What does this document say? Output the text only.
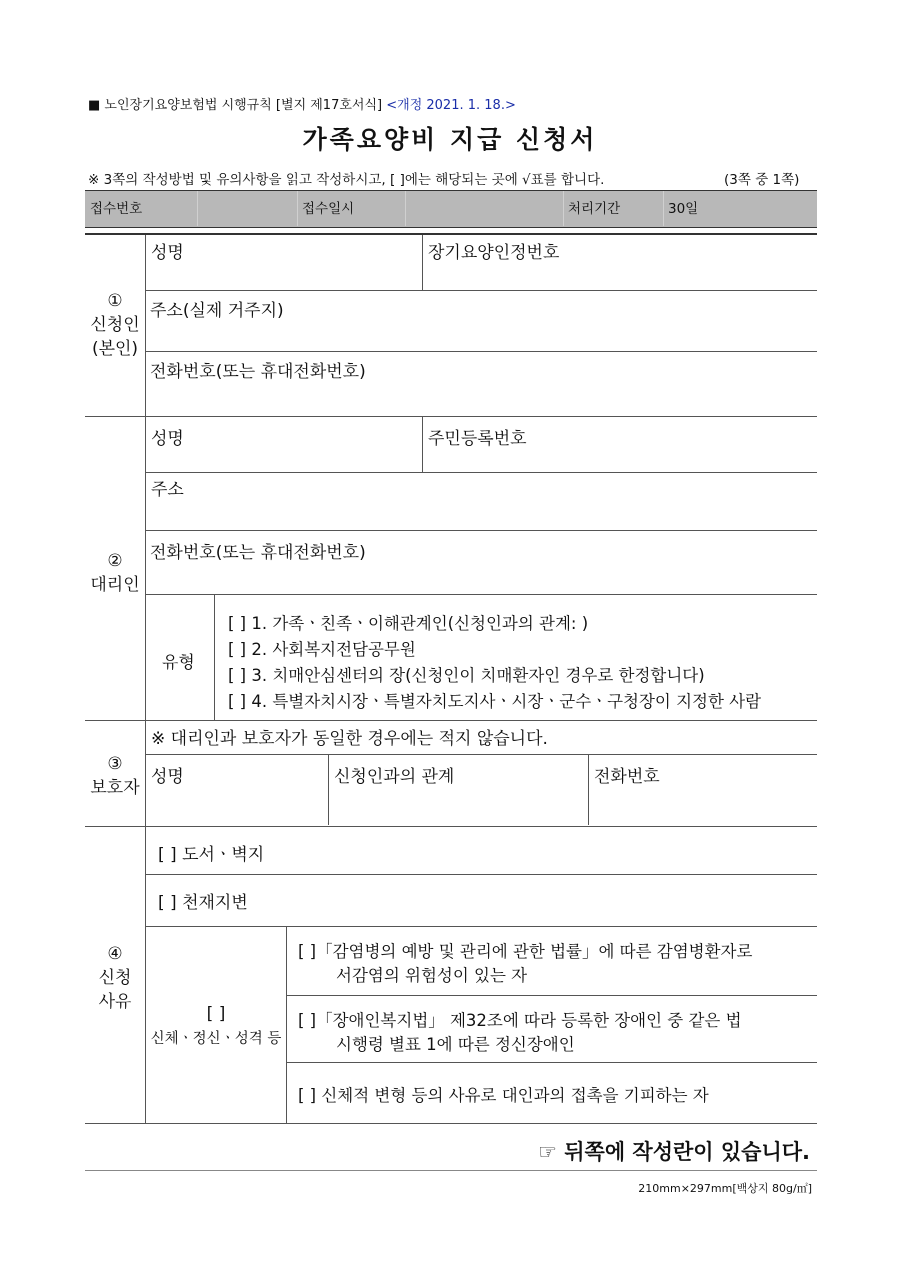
■ 노인장기요양보험법 시행규칙 [별지 제17호서식] <개정 2021. 1. 18.>
가족요양비 지급 신청서
※ 3쪽의 작성방법 및 유의사항을 읽고 작성하시고, [ ]에는 해당되는 곳에 √표를 합니다.	(3쪽 중 1쪽)
접수번호	접수일시	처리기간	30일
①
신청인
(본인)
성명	장기요양인정번호
주소(실제 거주지)
전화번호(또는 휴대전화번호)
②
대리인
성명	주민등록번호
주소
전화번호(또는 휴대전화번호)
유형
[ ] 1. 가족ㆍ친족ㆍ이해관계인(신청인과의 관계: )
[ ] 2. 사회복지전담공무원
[ ] 3. 치매안심센터의 장(신청인이 치매환자인 경우로 한정합니다)
[ ] 4. 특별자치시장ㆍ특별자치도지사ㆍ시장ㆍ군수ㆍ구청장이 지정한 사람
③
보호자
※ 대리인과 보호자가 동일한 경우에는 적지 않습니다.
성명	신청인과의 관계	전화번호
④
신청
사유
[ ] 도서ㆍ벽지
[ ] 천재지변
[ ]
신체ㆍ정신ㆍ성격 등
[ ]「감염병의 예방 및 관리에 관한 법률」에 따른 감염병환자로
서감염의 위험성이 있는 자
[ ]「장애인복지법」 제32조에 따라 등록한 장애인 중 같은 법
시행령 별표 1에 따른 정신장애인
[ ] 신체적 변형 등의 사유로 대인과의 접촉을 기피하는 자
☞ 뒤쪽에 작성란이 있습니다.
210mm×297mm[백상지 80g/㎡]
